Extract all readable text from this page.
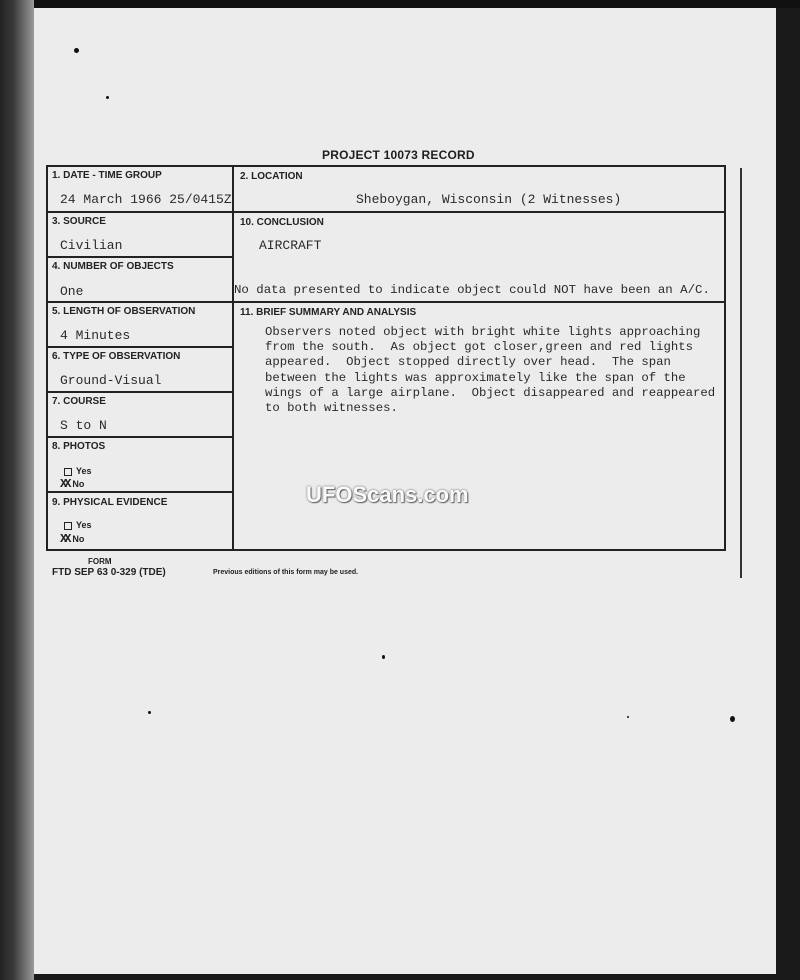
PROJECT 10073 RECORD
1. DATE - TIME GROUP
24 March 1966 25/0415Z
3. SOURCE
Civilian
4. NUMBER OF OBJECTS
One
5. LENGTH OF OBSERVATION
4 Minutes
6. TYPE OF OBSERVATION
Ground-Visual
7. COURSE
S to N
8. PHOTOS
Yes
XX No
9. PHYSICAL EVIDENCE
Yes
XX No
2. LOCATION
Sheboygan, Wisconsin (2 Witnesses)
10. CONCLUSION
AIRCRAFT
No data presented to indicate object could NOT have been an A/C.
11. BRIEF SUMMARY AND ANALYSIS
Observers noted object with bright white lights approaching
from the south.  As object got closer,green and red lights
appeared.  Object stopped directly over head.  The span
between the lights was approximately like the span of the
wings of a large airplane.  Object disappeared and reappeared
to both witnesses.
UFOScans.com
FORM
FTD SEP 63 0-329 (TDE)	Previous editions of this form may be used.
